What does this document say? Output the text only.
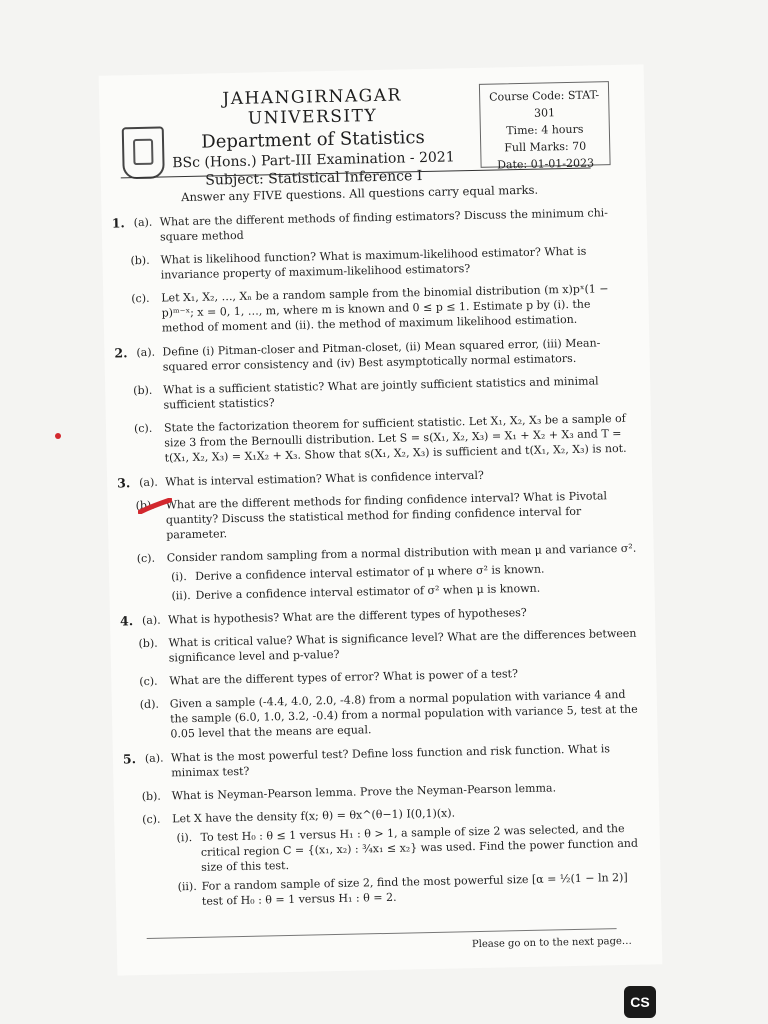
JAHANGIRNAGAR UNIVERSITY
Department of Statistics
BSc (Hons.) Part-III Examination - 2021
Subject: Statistical Inference I
Course Code: STAT-301
Time: 4 hours
Full Marks: 70
Date: 01-01-2023
Answer any FIVE questions. All questions carry equal marks.
1. (a). What are the different methods of finding estimators? Discuss the minimum chi-square method
(b). What is likelihood function? What is maximum-likelihood estimator? What is invariance property of maximum-likelihood estimators?
(c). Let X₁, X₂, …, Xₙ be a random sample from the binomial distribution (m x)pˣ(1 − p)ᵐ⁻ˣ; x = 0, 1, …, m, where m is known and 0 ≤ p ≤ 1. Estimate p by (i). the method of moment and (ii). the method of maximum likelihood estimation.
2. (a). Define (i) Pitman-closer and Pitman-closet, (ii) Mean squared error, (iii) Mean-squared error consistency and (iv) Best asymptotically normal estimators.
(b). What is a sufficient statistic? What are jointly sufficient statistics and minimal sufficient statistics?
(c). State the factorization theorem for sufficient statistic. Let X₁, X₂, X₃ be a sample of size 3 from the Bernoulli distribution. Let S = s(X₁, X₂, X₃) = X₁ + X₂ + X₃ and T = t(X₁, X₂, X₃) = X₁X₂ + X₃. Show that s(X₁, X₂, X₃) is sufficient and t(X₁, X₂, X₃) is not.
3. (a). What is interval estimation? What is confidence interval?
(b). What are the different methods for finding confidence interval? What is Pivotal quantity? Discuss the statistical method for finding confidence interval for parameter.
(c). Consider random sampling from a normal distribution with mean μ and variance σ².
(i). Derive a confidence interval estimator of μ where σ² is known.
(ii). Derive a confidence interval estimator of σ² when μ is known.
4. (a). What is hypothesis? What are the different types of hypotheses?
(b). What is critical value? What is significance level? What are the differences between significance level and p-value?
(c). What are the different types of error? What is power of a test?
(d). Given a sample (-4.4, 4.0, 2.0, -4.8) from a normal population with variance 4 and the sample (6.0, 1.0, 3.2, -0.4) from a normal population with variance 5, test at the 0.05 level that the means are equal.
5. (a). What is the most powerful test? Define loss function and risk function. What is minimax test?
(b). What is Neyman-Pearson lemma. Prove the Neyman-Pearson lemma.
(c). Let X have the density f(x; θ) = θx^(θ−1) I(0,1)(x).
(i). To test H₀ : θ ≤ 1 versus H₁ : θ > 1, a sample of size 2 was selected, and the critical region C = {(x₁, x₂) : ¾x₁ ≤ x₂} was used. Find the power function and size of this test.
(ii). For a random sample of size 2, find the most powerful size [α = ½(1 − ln 2)] test of H₀ : θ = 1 versus H₁ : θ = 2.
Please go on to the next page…
CS
